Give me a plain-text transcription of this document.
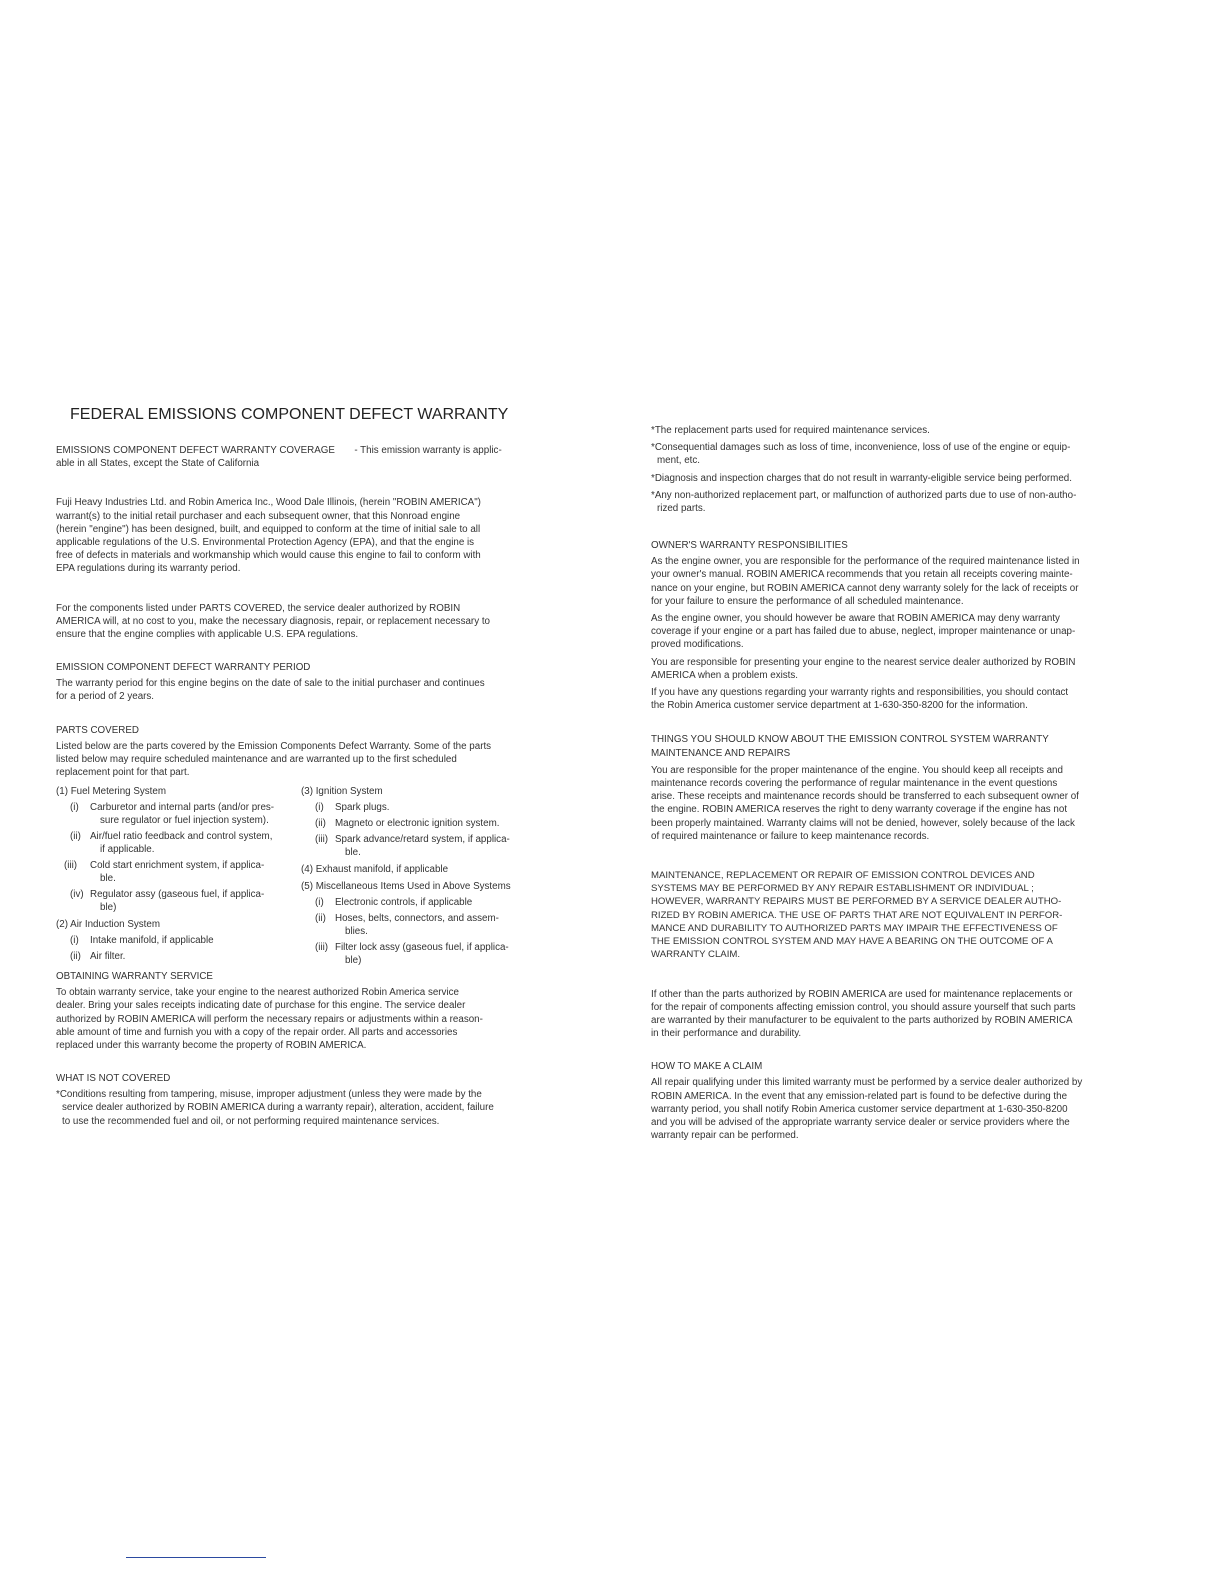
FEDERAL EMISSIONS COMPONENT DEFECT WARRANTY
EMISSIONS COMPONENT DEFECT WARRANTY COVERAGE - This emission warranty is applic-
able in all States, except the State of California
Fuji Heavy Industries Ltd. and Robin America Inc., Wood Dale Illinois, (herein "ROBIN AMERICA")
warrant(s) to the initial retail purchaser and each subsequent owner, that this Nonroad engine
(herein "engine") has been designed, built, and equipped to conform at the time of initial sale to all
applicable regulations of the U.S. Environmental Protection Agency (EPA), and that the engine is
free of defects in materials and workmanship which would cause this engine to fail to conform with
EPA regulations during its warranty period.
For the components listed under PARTS COVERED, the service dealer authorized by ROBIN
AMERICA will, at no cost to you, make the necessary diagnosis, repair, or replacement necessary to
ensure that the engine complies with applicable U.S. EPA regulations.
EMISSION COMPONENT DEFECT WARRANTY PERIOD
The warranty period for this engine begins on the date of sale to the initial purchaser and continues
for a period of 2 years.
PARTS COVERED
Listed below are the parts covered by the Emission Components Defect Warranty. Some of the parts
listed below may require scheduled maintenance and are warranted up to the first scheduled
replacement point for that part.
(1) Fuel Metering System
(i) Carburetor and internal parts (and/or pres-
sure regulator or fuel injection system).
(ii) Air/fuel ratio feedback and control system,
if applicable.
(iii) Cold start enrichment system, if applica-
ble.
(iv) Regulator assy (gaseous fuel, if applica-
ble)
(2) Air Induction System
(i) Intake manifold, if applicable
(ii) Air filter.
(3) Ignition System
(i) Spark plugs.
(ii) Magneto or electronic ignition system.
(iii) Spark advance/retard system, if applica-
ble.
(4) Exhaust manifold, if applicable
(5) Miscellaneous Items Used in Above Systems
(i) Electronic controls, if applicable
(ii) Hoses, belts, connectors, and assem-
blies.
(iii) Filter lock assy (gaseous fuel, if applica-
ble)
OBTAINING WARRANTY SERVICE
To obtain warranty service, take your engine to the nearest authorized Robin America service
dealer. Bring your sales receipts indicating date of purchase for this engine. The service dealer
authorized by ROBIN AMERICA will perform the necessary repairs or adjustments within a reason-
able amount of time and furnish you with a copy of the repair order. All parts and accessories
replaced under this warranty become the property of ROBIN AMERICA.
WHAT IS NOT COVERED
*Conditions resulting from tampering, misuse, improper adjustment (unless they were made by the
service dealer authorized by ROBIN AMERICA during a warranty repair), alteration, accident, failure
to use the recommended fuel and oil, or not performing required maintenance services.
*The replacement parts used for required maintenance services.
*Consequential damages such as loss of time, inconvenience, loss of use of the engine or equip-
ment, etc.
*Diagnosis and inspection charges that do not result in warranty-eligible service being performed.
*Any non-authorized replacement part, or malfunction of authorized parts due to use of non-autho-
rized parts.
OWNER'S WARRANTY RESPONSIBILITIES
As the engine owner, you are responsible for the performance of the required maintenance listed in
your owner's manual. ROBIN AMERICA recommends that you retain all receipts covering mainte-
nance on your engine, but ROBIN AMERICA cannot deny warranty solely for the lack of receipts or
for your failure to ensure the performance of all scheduled maintenance.
As the engine owner, you should however be aware that ROBIN AMERICA may deny warranty
coverage if your engine or a part has failed due to abuse, neglect, improper maintenance or unap-
proved modifications.
You are responsible for presenting your engine to the nearest service dealer authorized by ROBIN
AMERICA when a problem exists.
If you have any questions regarding your warranty rights and responsibilities, you should contact
the Robin America customer service department at 1-630-350-8200 for the information.
THINGS YOU SHOULD KNOW ABOUT THE EMISSION CONTROL SYSTEM WARRANTY
MAINTENANCE AND REPAIRS
You are responsible for the proper maintenance of the engine. You should keep all receipts and
maintenance records covering the performance of regular maintenance in the event questions
arise. These receipts and maintenance records should be transferred to each subsequent owner of
the engine. ROBIN AMERICA reserves the right to deny warranty coverage if the engine has not
been properly maintained. Warranty claims will not be denied, however, solely because of the lack
of required maintenance or failure to keep maintenance records.
MAINTENANCE, REPLACEMENT OR REPAIR OF EMISSION CONTROL DEVICES AND
SYSTEMS MAY BE PERFORMED BY ANY REPAIR ESTABLISHMENT OR INDIVIDUAL ;
HOWEVER, WARRANTY REPAIRS MUST BE PERFORMED BY A SERVICE DEALER AUTHO-
RIZED BY ROBIN AMERICA. THE USE OF PARTS THAT ARE NOT EQUIVALENT IN PERFOR-
MANCE AND DURABILITY TO AUTHORIZED PARTS MAY IMPAIR THE EFFECTIVENESS OF
THE EMISSION CONTROL SYSTEM AND MAY HAVE A BEARING ON THE OUTCOME OF A
WARRANTY CLAIM.
If other than the parts authorized by ROBIN AMERICA are used for maintenance replacements or
for the repair of components affecting emission control, you should assure yourself that such parts
are warranted by their manufacturer to be equivalent to the parts authorized by ROBIN AMERICA
in their performance and durability.
HOW TO MAKE A CLAIM
All repair qualifying under this limited warranty must be performed by a service dealer authorized by
ROBIN AMERICA. In the event that any emission-related part is found to be defective during the
warranty period, you shall notify Robin America customer service department at 1-630-350-8200
and you will be advised of the appropriate warranty service dealer or service providers where the
warranty repair can be performed.
